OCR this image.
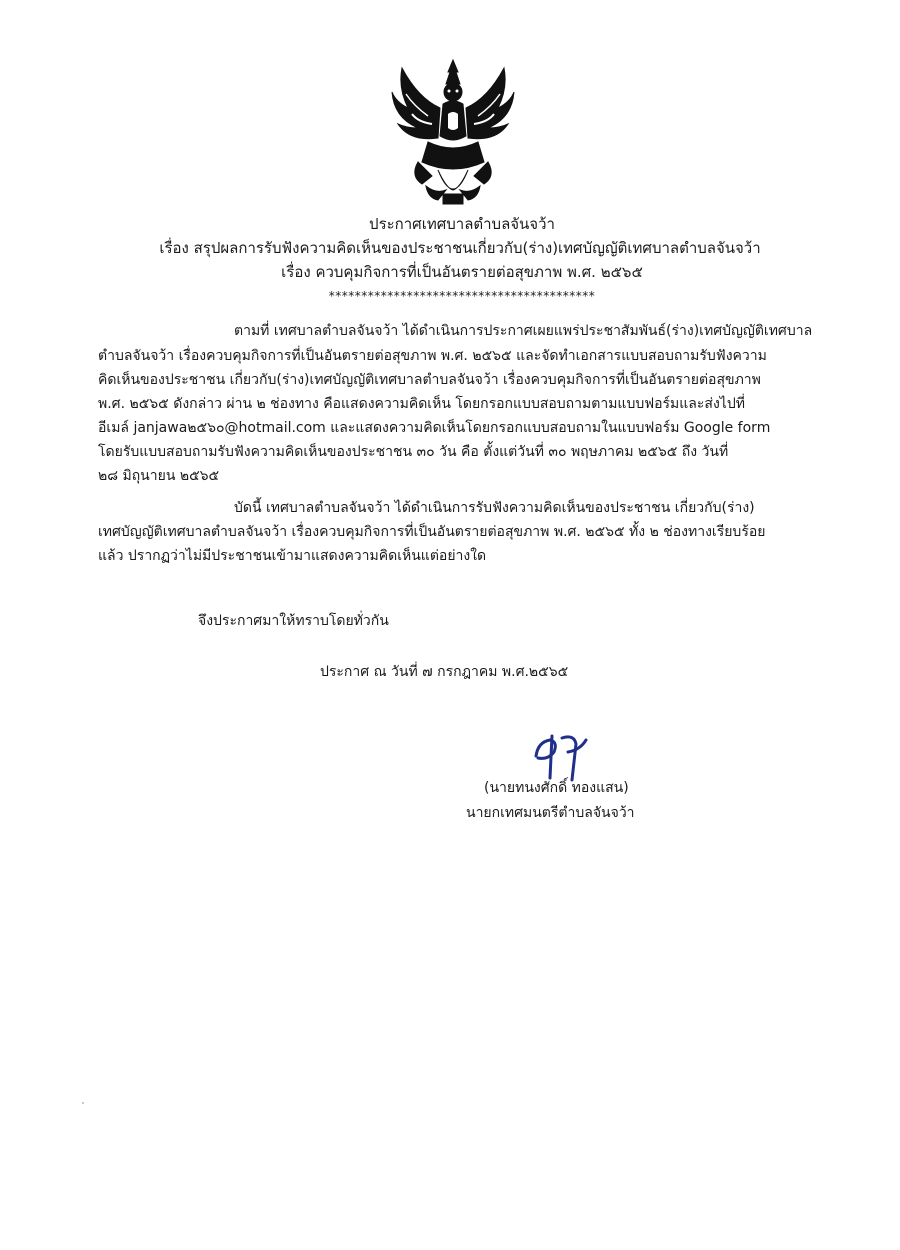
ประกาศเทศบาลตำบลจันจว้า
เรื่อง สรุปผลการรับฟังความคิดเห็นของประชาชนเกี่ยวกับ(ร่าง)เทศบัญญัติเทศบาลตำบลจันจว้า
เรื่อง ควบคุมกิจการที่เป็นอันตรายต่อสุขภาพ พ.ศ. ๒๕๖๕
*****************************************
ตามที่ เทศบาลตำบลจันจว้า ได้ดำเนินการประกาศเผยแพร่ประชาสัมพันธ์(ร่าง)เทศบัญญัติเทศบาล
ตำบลจันจว้า เรื่องควบคุมกิจการที่เป็นอันตรายต่อสุขภาพ พ.ศ. ๒๕๖๕ และจัดทำเอกสารแบบสอบถามรับฟังความ
คิดเห็นของประชาชน เกี่ยวกับ(ร่าง)เทศบัญญัติเทศบาลตำบลจันจว้า เรื่องควบคุมกิจการที่เป็นอันตรายต่อสุขภาพ
พ.ศ. ๒๕๖๕ ดังกล่าว ผ่าน ๒ ช่องทาง คือแสดงความคิดเห็น โดยกรอกแบบสอบถามตามแบบฟอร์มและส่งไปที่
อีเมล์ janjawa๒๕๖๐@hotmail.com และแสดงความคิดเห็นโดยกรอกแบบสอบถามในแบบฟอร์ม Google form
โดยรับแบบสอบถามรับฟังความคิดเห็นของประชาชน ๓๐ วัน คือ ตั้งแต่วันที่ ๓๐ พฤษภาคม ๒๕๖๕ ถึง วันที่
๒๘ มิถุนายน ๒๕๖๕
บัดนี้ เทศบาลตำบลจันจว้า ได้ดำเนินการรับฟังความคิดเห็นของประชาชน เกี่ยวกับ(ร่าง)
เทศบัญญัติเทศบาลตำบลจันจว้า เรื่องควบคุมกิจการที่เป็นอันตรายต่อสุขภาพ พ.ศ. ๒๕๖๕ ทั้ง ๒ ช่องทางเรียบร้อย
แล้ว ปรากฏว่าไม่มีประชาชนเข้ามาแสดงความคิดเห็นแต่อย่างใด
จึงประกาศมาให้ทราบโดยทั่วกัน
ประกาศ ณ วันที่ ๗ กรกฎาคม พ.ศ.๒๕๖๕
(นายทนงศักดิ์ ทองแสน)
นายกเทศมนตรีตำบลจันจว้า
